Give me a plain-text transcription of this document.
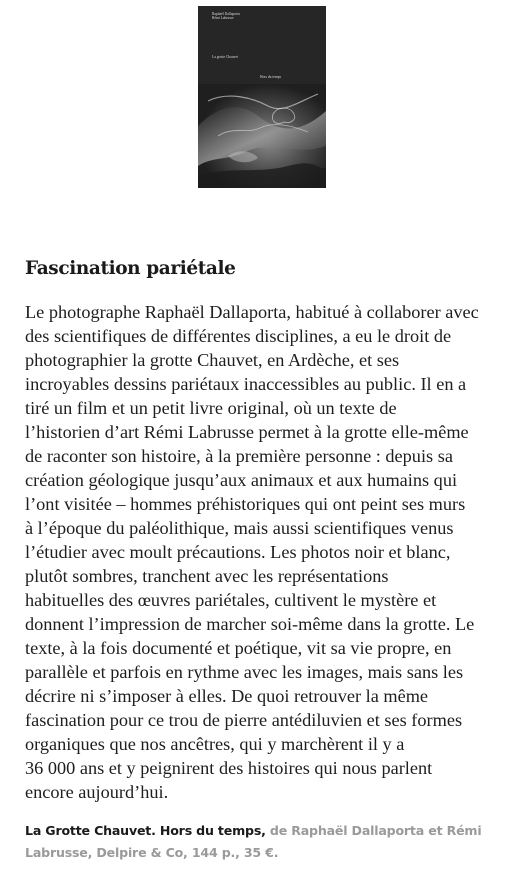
Raphaël Dallaporta
Rémi Labrusse
La grotte Chauvet
Hors du temps
Fascination pariétale

Le photographe Raphaël Dallaporta, habitué à collaborer avec
des scientifiques de différentes disciplines, a eu le droit de
photographier la grotte Chauvet, en Ardèche, et ses
incroyables dessins pariétaux inaccessibles au public. Il en a
tiré un film et un petit livre original, où un texte de
l’historien d’art Rémi Labrusse permet à la grotte elle-même
de raconter son histoire, à la première personne : depuis sa
création géologique jusqu’aux animaux et aux humains qui
l’ont visitée – hommes préhistoriques qui ont peint ses murs
à l’époque du paléolithique, mais aussi scientifiques venus
l’étudier avec moult précautions. Les photos noir et blanc,
plutôt sombres, tranchent avec les représentations
habituelles des œuvres pariétales, cultivent le mystère et
donnent l’impression de marcher soi-même dans la grotte. Le
texte, à la fois documenté et poétique, vit sa vie propre, en
parallèle et parfois en rythme avec les images, mais sans les
décrire ni s’imposer à elles. De quoi retrouver la même
fascination pour ce trou de pierre antédiluvien et ses formes
organiques que nos ancêtres, qui y marchèrent il y a
36 000 ans et y peignirent des histoires qui nous parlent
encore aujourd’hui.

La Grotte Chauvet. Hors du temps, de Raphaël Dallaporta et Rémi
Labrusse, Delpire & Co, 144 p., 35 €.
